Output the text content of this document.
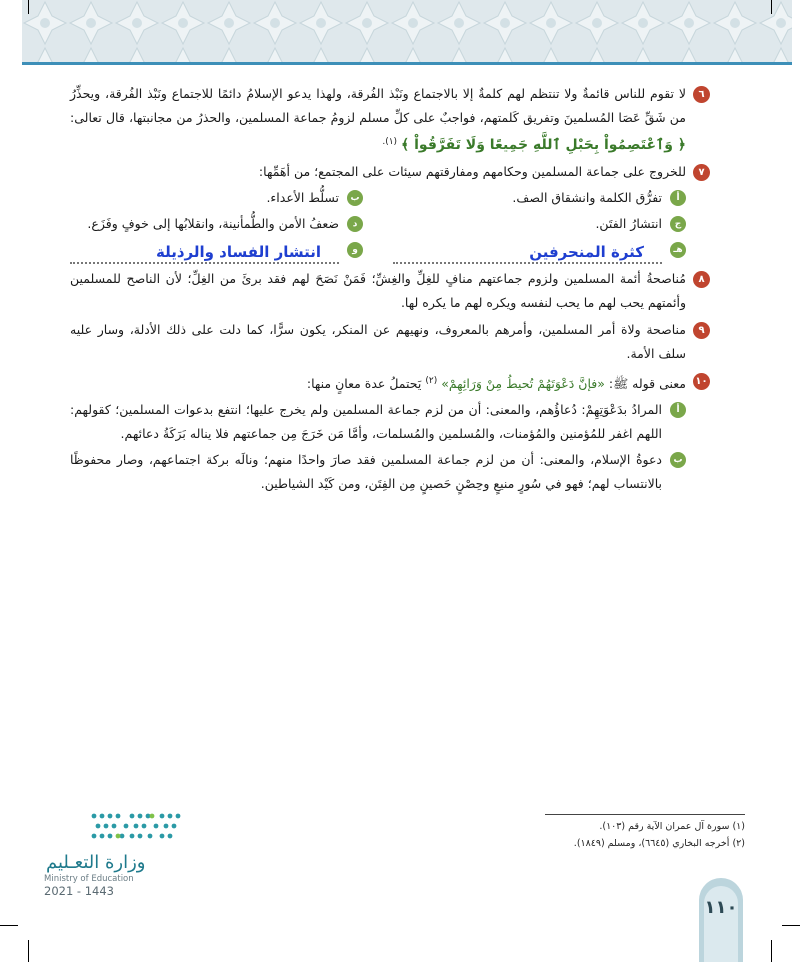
٦
لا تقوم للناس قائمةٌ ولا تنتظم لهم كلمةٌ إلا بالاجتماع ونَبْذ الفُرقة، ولهذا يدعو الإسلامُ دائمًا للاجتماع ونَبْذ الفُرقة، ويحذِّرُ من شَقِّ عَصَا المُسلمينَ وتفريق كَلمتهم، فواجبٌ على كلِّ مسلم لزومُ جماعة المسلمين، والحذرُ من مجانبتها، قال تعالى: ﴿ وَٱعْتَصِمُواْ بِحَبْلِ ٱللَّهِ جَمِيعًا وَلَا تَفَرَّقُواْ ﴾ $^{(١).}$
٧
للخروج على جماعة المسلمين وحكامهم ومفارقتهم سيئات على المجتمع؛ من أهَمِّها:
أ
تفرُّق الكلمة وانشقاق الصف.
ب
تسلُّط الأعداء.
ج
انتشارُ الفتَن.
د
ضعفُ الأمن والطُّمأنينة، وانقلابُها إلى خوفٍ وفَزَع.
هـ
كثرة المنحرفين
و
انتشار الفساد والرذيلة
٨
مُناصحةُ أئمة المسلمين ولزوم جماعتهم منافٍ للغِلِّ والغِشِّ؛ فَمَنْ نَصَحَ لهم فقد برئَ من الغِلِّ؛ لأن الناصح للمسلمين وأئمتهم يحب لهم ما يحب لنفسه ويكره لهم ما يكره لها.
٩
مناصحة ولاة أمر المسلمين، وأمرهم بالمعروف، ونهيهم عن المنكر، يكون سرًّا، كما دلت على ذلك الأدلة، وسار عليه سلف الأمة.
١٠
معنى قوله ﷺ: «فإنَّ دَعْوَتَهُمْ تُحيطُ مِنْ وَرَائِهِمْ» $^{(٢)}$ يَحتملُ عدة معانٍ منها:
أ
المرادُ بدَعْوَتِهِمْ: دُعاؤُهم، والمعنى: أن من لزم جماعة المسلمين ولم يخرج عليها؛ انتفع بدعوات المسلمين؛ كقولهم: اللهم اغفر للمُؤمنين والمُؤمنات، والمُسلمين والمُسلمات، وأمَّا مَن خَرَجَ مِن جماعتهم فلا يناله بَرَكَةُ دعائهم.
ب
دعوةُ الإسلام، والمعنى: أن من لزم جماعة المسلمين فقد صارَ واحدًا منهم؛ ونالَه بركة اجتماعهم، وصار محفوظًا بالانتساب لهم؛ فهو في سُورٍ منيعٍ وحِصْنٍ حَصينٍ مِن الفِتَن، ومن كَيْد الشياطين.
(١) سورة آل عمران الآية رقم (١٠٣).
(٢) أخرجه البخاري (٦٦٤٥)، ومسلم (١٨٤٩).
وزارة التعـليم
Ministry of Education
2021 - 1443
١١٠
